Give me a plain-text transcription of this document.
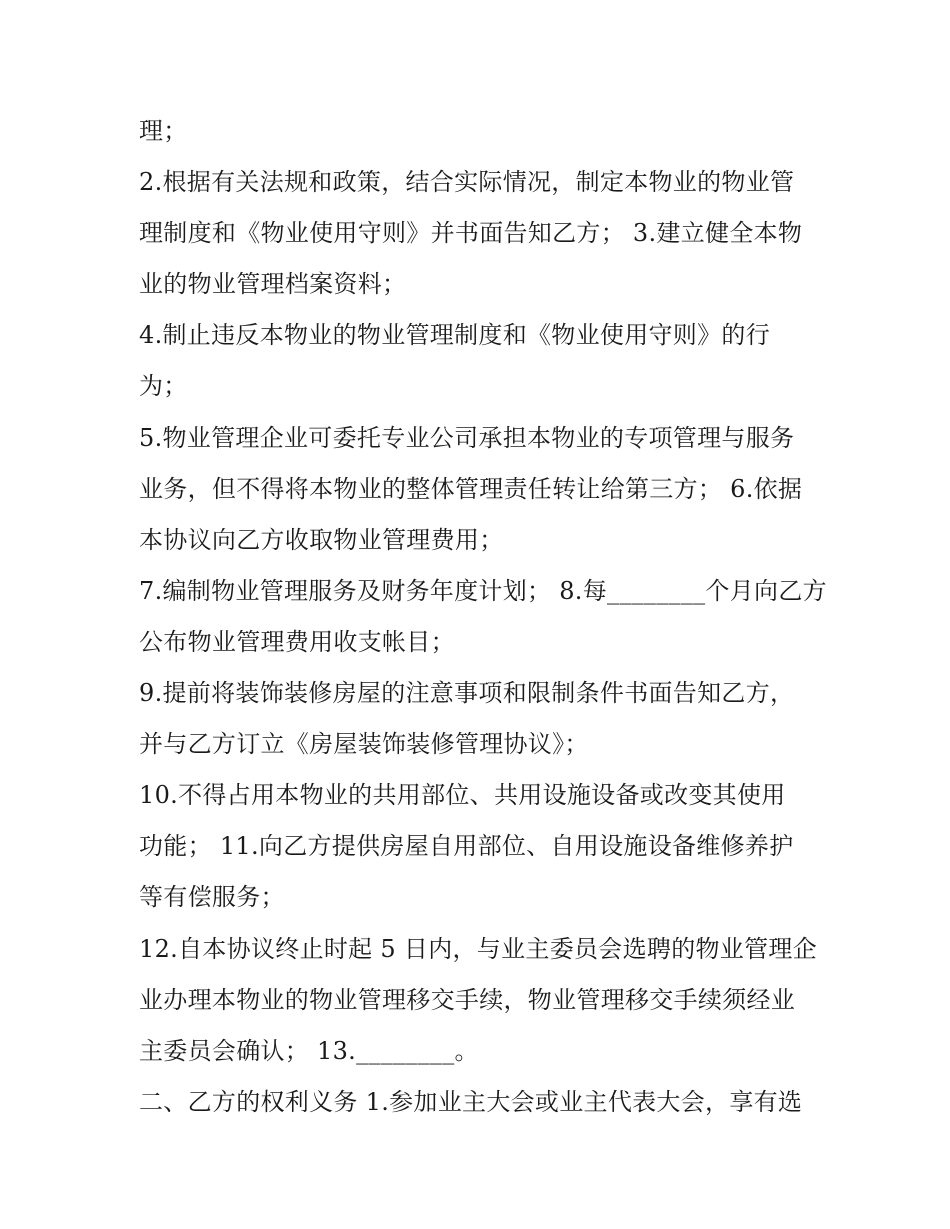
理；
2.根据有关法规和政策，结合实际情况，制定本物业的物业管
理制度和《物业使用守则》并书面告知乙方； 3.建立健全本物
业的物业管理档案资料；
4.制止违反本物业的物业管理制度和《物业使用守则》的行
为；
5.物业管理企业可委托专业公司承担本物业的专项管理与服务
业务，但不得将本物业的整体管理责任转让给第三方； 6.依据
本协议向乙方收取物业管理费用；
7.编制物业管理服务及财务年度计划； 8.每________个月向乙方
公布物业管理费用收支帐目；
9.提前将装饰装修房屋的注意事项和限制条件书面告知乙方，
并与乙方订立《房屋装饰装修管理协议》；
10.不得占用本物业的共用部位、共用设施设备或改变其使用
功能； 11.向乙方提供房屋自用部位、自用设施设备维修养护
等有偿服务；
12.自本协议终止时起 5 日内，与业主委员会选聘的物业管理企
业办理本物业的物业管理移交手续，物业管理移交手续须经业
主委员会确认； 13.________。
二、乙方的权利义务 1.参加业主大会或业主代表大会，享有选
